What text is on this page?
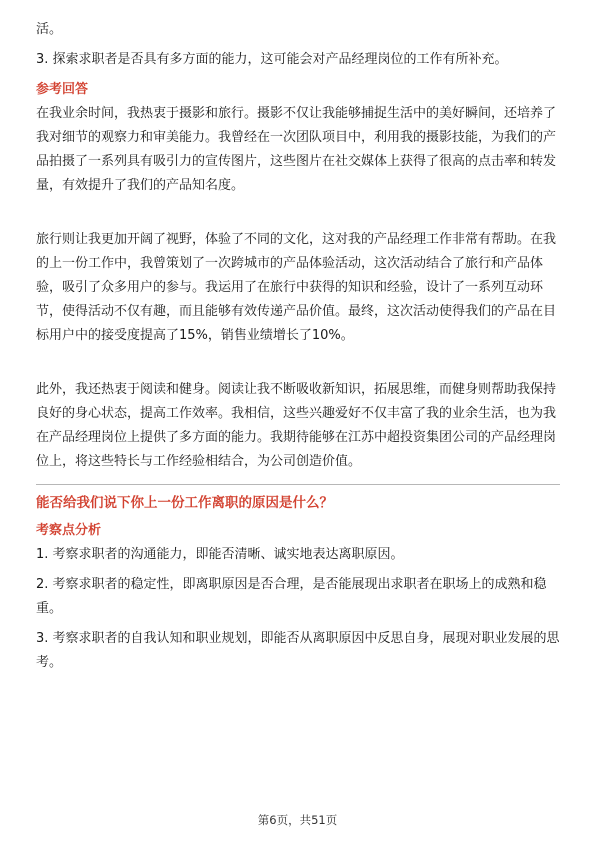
活。

3. 探索求职者是否具有多方面的能力，这可能会对产品经理岗位的工作有所补充。

参考回答

在我业余时间，我热衷于摄影和旅行。摄影不仅让我能够捕捉生活中的美好瞬间，还培养了我对细节的观察力和审美能力。我曾经在一次团队项目中，利用我的摄影技能，为我们的产品拍摄了一系列具有吸引力的宣传图片，这些图片在社交媒体上获得了很高的点击率和转发量，有效提升了我们的产品知名度。

旅行则让我更加开阔了视野，体验了不同的文化，这对我的产品经理工作非常有帮助。在我的上一份工作中，我曾策划了一次跨城市的产品体验活动，这次活动结合了旅行和产品体验，吸引了众多用户的参与。我运用了在旅行中获得的知识和经验，设计了一系列互动环节，使得活动不仅有趣，而且能够有效传递产品价值。最终，这次活动使得我们的产品在目标用户中的接受度提高了15%，销售业绩增长了10%。

此外，我还热衷于阅读和健身。阅读让我不断吸收新知识，拓展思维，而健身则帮助我保持良好的身心状态，提高工作效率。我相信，这些兴趣爱好不仅丰富了我的业余生活，也为我在产品经理岗位上提供了多方面的能力。我期待能够在江苏中超投资集团公司的产品经理岗位上，将这些特长与工作经验相结合，为公司创造价值。

能否给我们说下你上一份工作离职的原因是什么？
考察点分析

1. 考察求职者的沟通能力，即能否清晰、诚实地表达离职原因。

2. 考察求职者的稳定性，即离职原因是否合理，是否能展现出求职者在职场上的成熟和稳重。

3. 考察求职者的自我认知和职业规划，即能否从离职原因中反思自身，展现对职业发展的思考。

第6页，共51页
